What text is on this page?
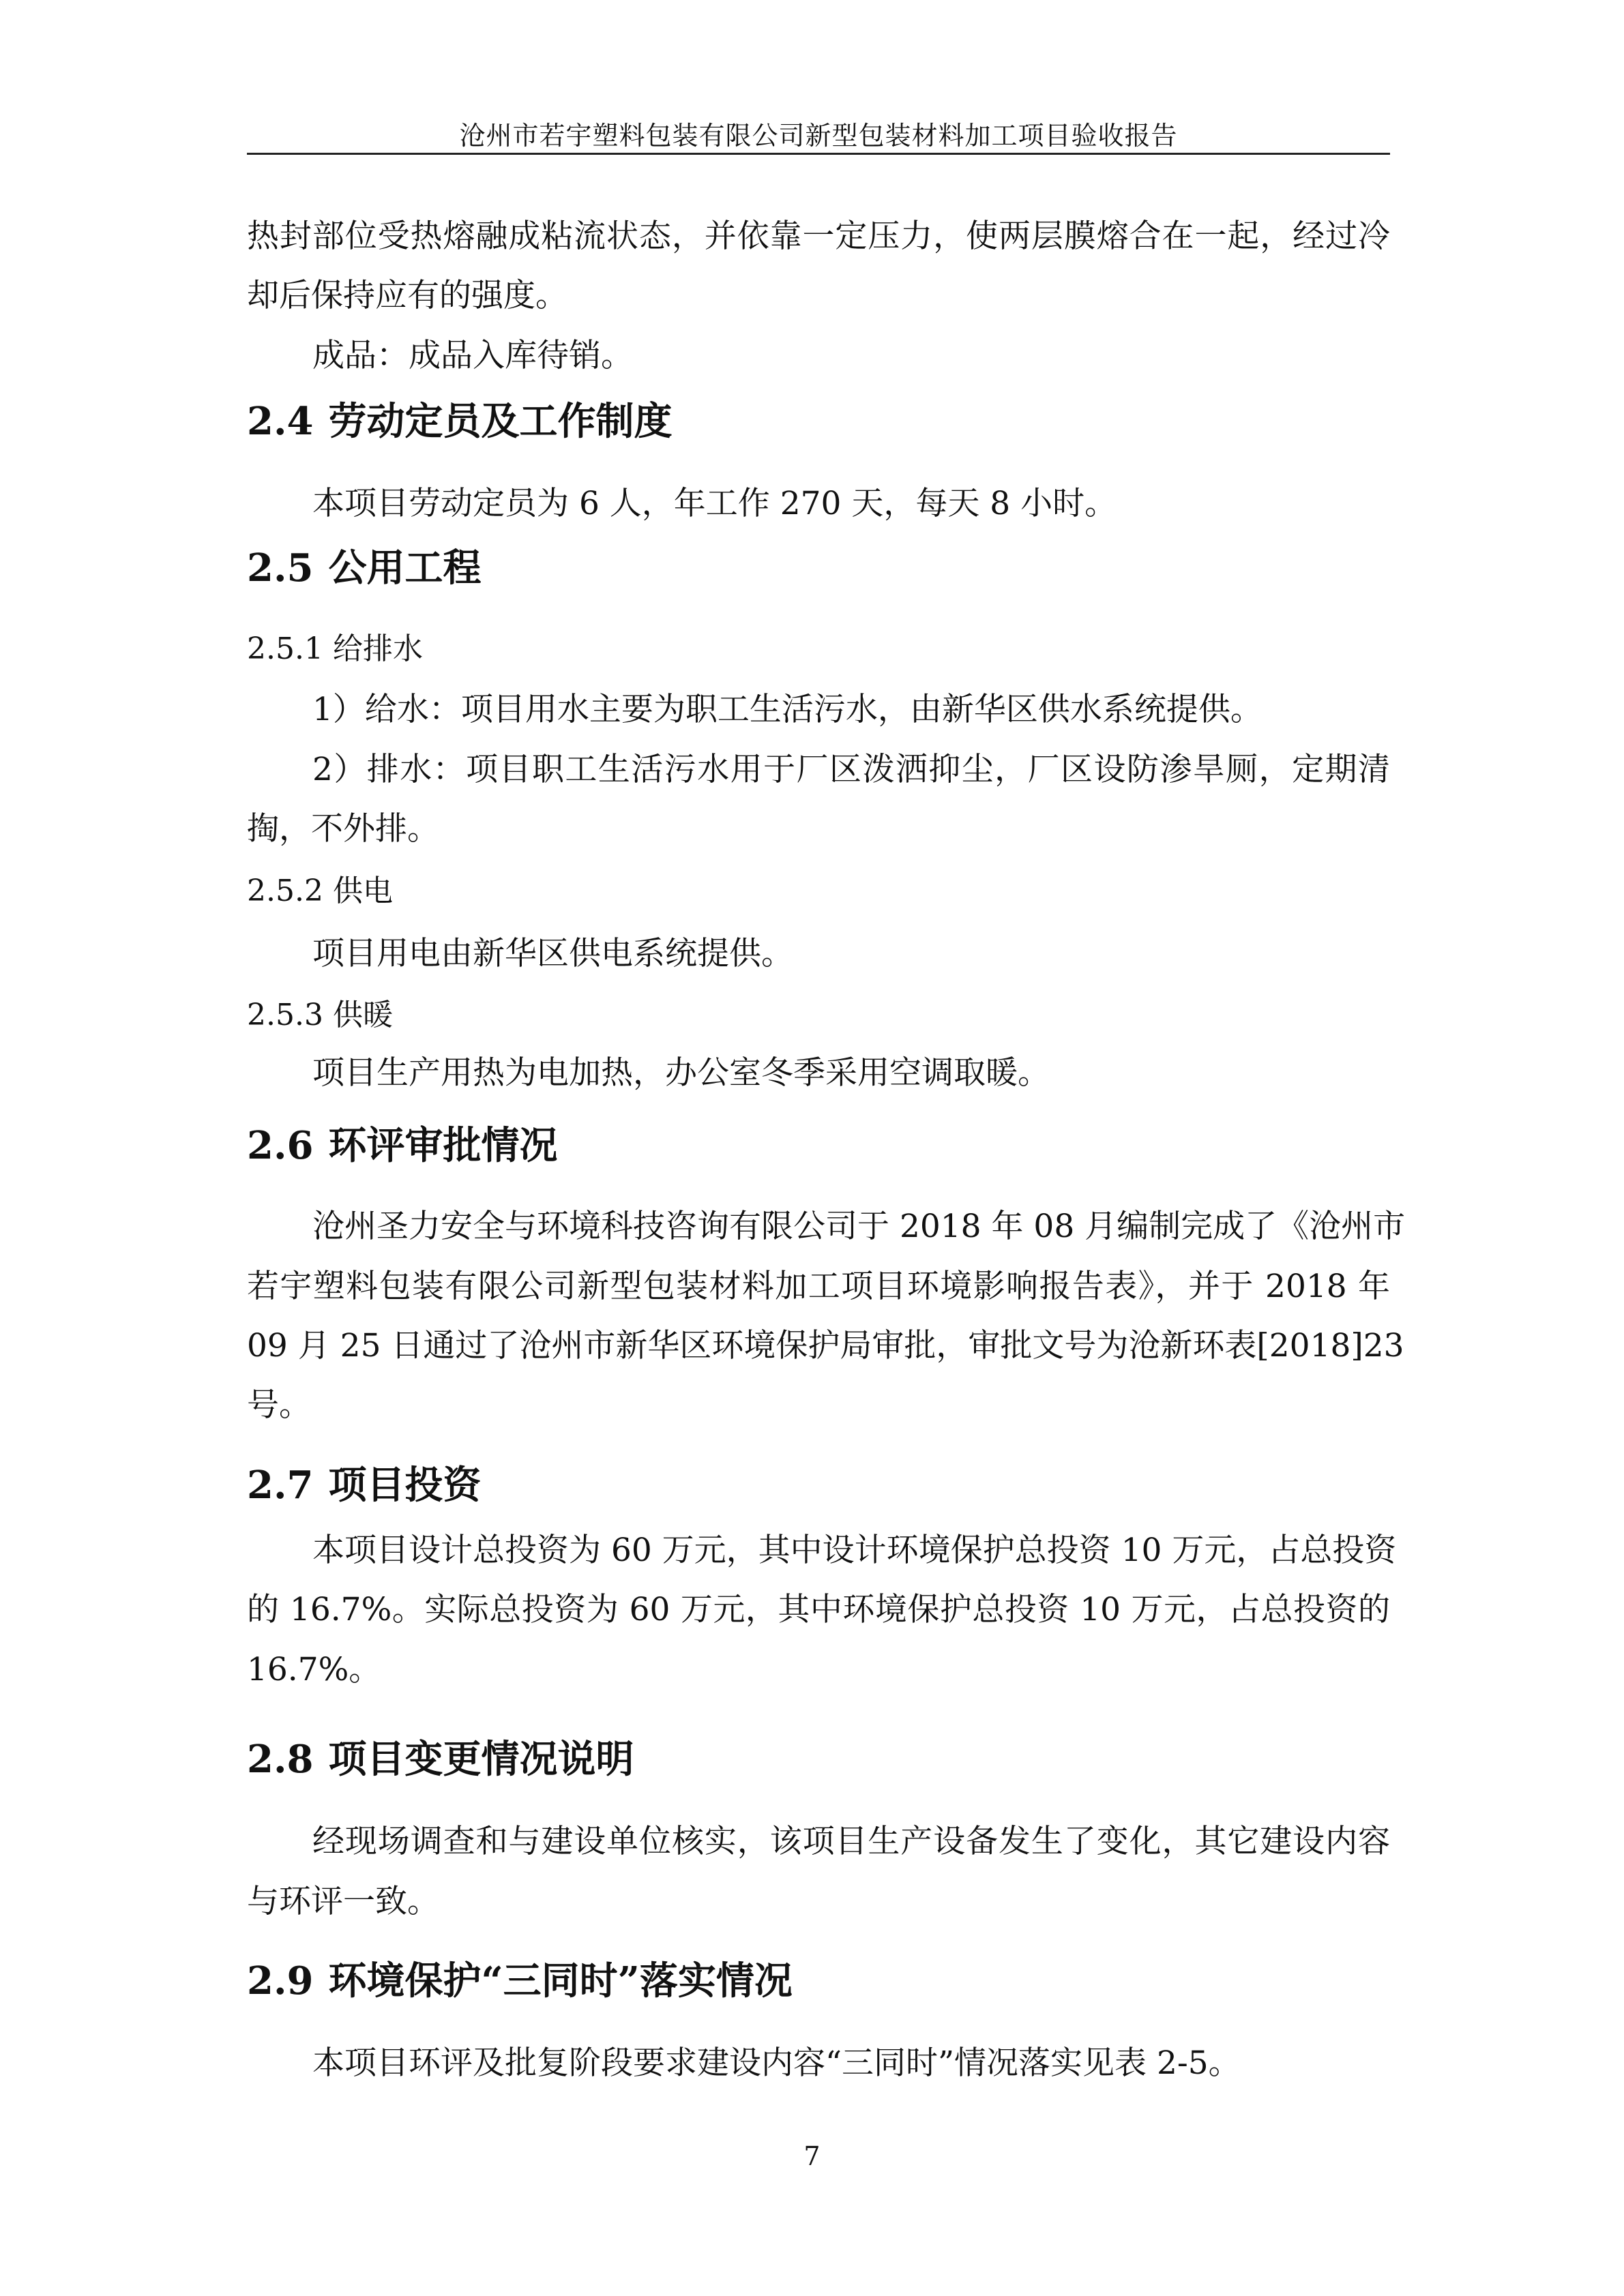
沧州市若宇塑料包装有限公司新型包装材料加工项目验收报告
热封部位受热熔融成粘流状态，并依靠一定压力，使两层膜熔合在一起，经过冷
却后保持应有的强度。
成品：成品入库待销。
2.4 劳动定员及工作制度
本项目劳动定员为 6 人，年工作 270 天，每天 8 小时。
2.5 公用工程
2.5.1 给排水
1）给水：项目用水主要为职工生活污水，由新华区供水系统提供。
2）排水：项目职工生活污水用于厂区泼洒抑尘，厂区设防渗旱厕，定期清
掏，不外排。
2.5.2 供电
项目用电由新华区供电系统提供。
2.5.3 供暖
项目生产用热为电加热，办公室冬季采用空调取暖。
2.6 环评审批情况
沧州圣力安全与环境科技咨询有限公司于 2018 年 08 月编制完成了《沧州市
若宇塑料包装有限公司新型包装材料加工项目环境影响报告表》，并于 2018 年
09 月 25 日通过了沧州市新华区环境保护局审批，审批文号为沧新环表[2018]23
号。
2.7 项目投资
本项目设计总投资为 60 万元，其中设计环境保护总投资 10 万元，占总投资
的 16.7%。实际总投资为 60 万元，其中环境保护总投资 10 万元，占总投资的
16.7%。
2.8 项目变更情况说明
经现场调查和与建设单位核实，该项目生产设备发生了变化，其它建设内容
与环评一致。
2.9 环境保护“三同时”落实情况
本项目环评及批复阶段要求建设内容“三同时”情况落实见表 2-5。
7
